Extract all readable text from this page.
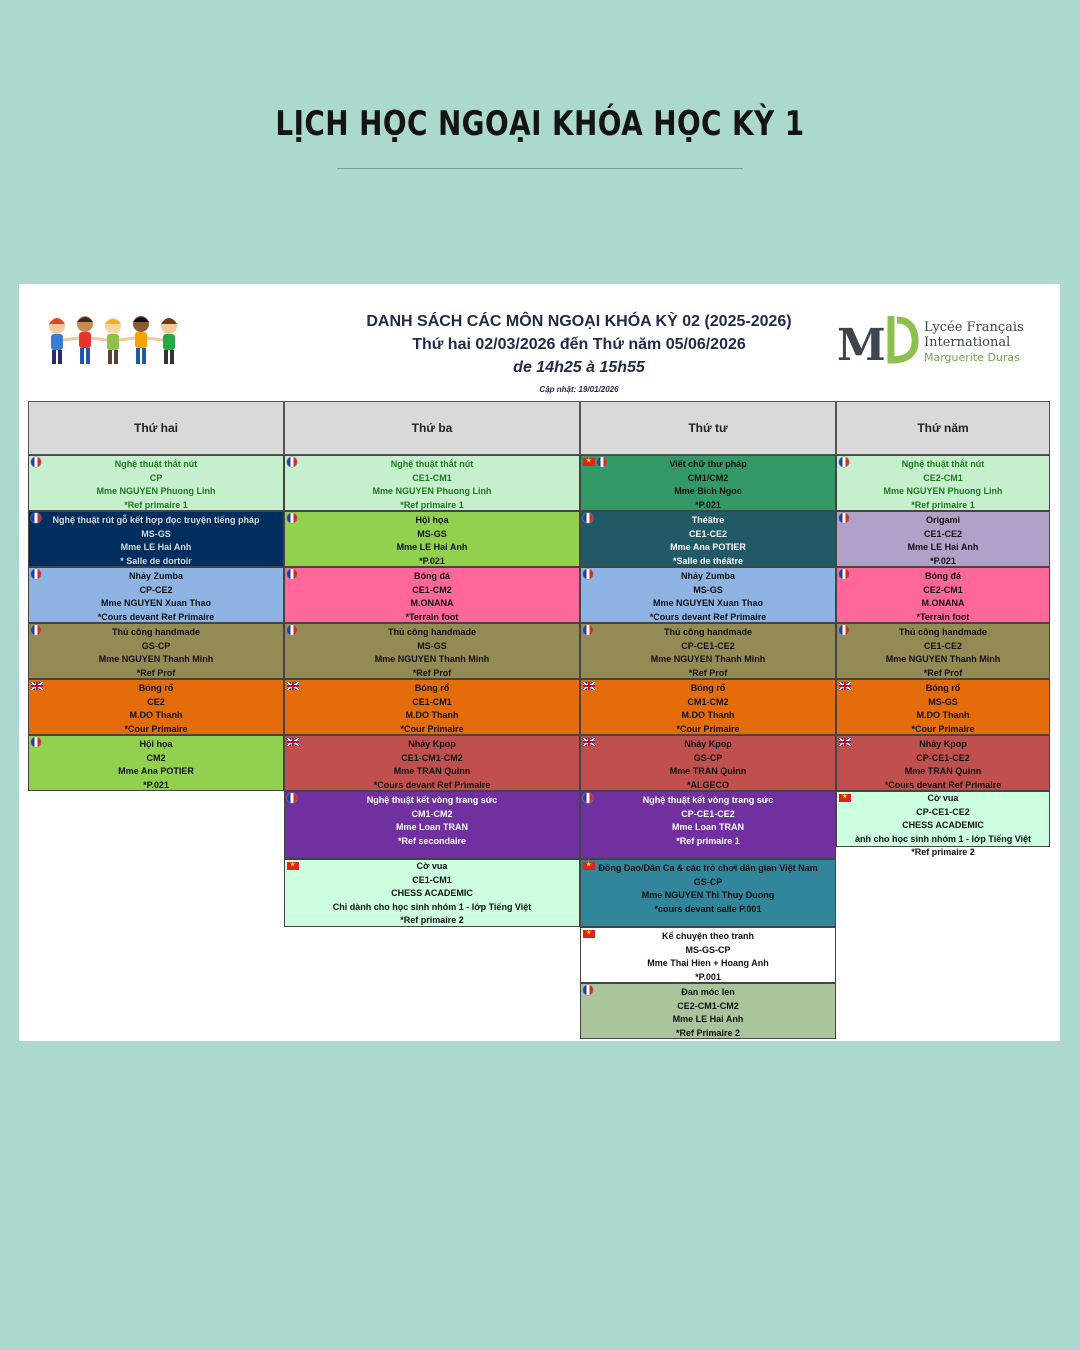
LỊCH HỌC NGOẠI KHÓA HỌC KỲ 1
DANH SÁCH CÁC MÔN NGOẠI KHÓA KỲ 02 (2025-2026)
Thứ hai 02/03/2026 đến Thứ năm 05/06/2026
de 14h25 à 15h55
Cập nhật: 19/01/2026
M	Lycée Français
International
Marguerite Duras
Thứ hai
Nghệ thuật thắt nút
CP
Mme NGUYEN Phuong Linh
*Ref primaire 1
Nghệ thuật rút gỗ kết hợp đọc truyện tiếng pháp
MS-GS
Mme LE Hai Anh
* Salle de dortoir
Nhảy Zumba
CP-CE2
Mme NGUYEN Xuan Thao
*Cours devant Ref Primaire
Thủ công handmade
GS-CP
Mme NGUYEN Thanh Minh
*Ref Prof
Bóng rổ
CE2
M.DO Thanh
*Cour Primaire
Hội họa
CM2
Mme Ana POTIER
*P.021
Thứ ba
Nghệ thuật thắt nút
CE1-CM1
Mme NGUYEN Phuong Linh
*Ref primaire 1
Hội họa
MS-GS
Mme LE Hai Anh
*P.021
Bóng đá
CE1-CM2
M.ONANA
*Terrain foot
Thủ công handmade
MS-GS
Mme NGUYEN Thanh Minh
*Ref Prof
Bóng rổ
CE1-CM1
M.DO Thanh
*Cour Primaire
Nhảy Kpop
CE1-CM1-CM2
Mme TRAN Quinn
*Cours devant Ref Primaire
Nghệ thuật kết vòng trang sức
CM1-CM2
Mme Loan TRAN
*Ref secondaire
★
Cờ vua
CE1-CM1
CHESS ACADEMIC
Chỉ dành cho học sinh nhóm 1 - lớp Tiếng Việt
*Ref primaire 2
Thứ tư
★
Viết chữ thư pháp
CM1/CM2
Mme Bich Ngoc
*P.021
Théâtre
CE1-CE2
Mme Ana POTIER
*Salle de théâtre
Nhảy Zumba
MS-GS
Mme NGUYEN Xuan Thao
*Cours devant Ref Primaire
Thủ công handmade
CP-CE1-CE2
Mme NGUYEN Thanh Minh
*Ref Prof
Bóng rổ
CM1-CM2
M.DO Thanh
*Cour Primaire
Nhảy Kpop
GS-CP
Mme TRAN Quinn
*ALGECO
Nghệ thuật kết vòng trang sức
CP-CE1-CE2
Mme Loan TRAN
*Ref primaire 1
★
Đồng Dao/Dân Ca & các trò chơi dân gian Việt Nam
GS-CP
Mme NGUYEN Thi Thuy Duong
*cours devant salle P.001
★
Kể chuyện theo tranh
MS-GS-CP
Mme Thai Hien + Hoang Anh
*P.001
Đan móc len
CE2-CM1-CM2
Mme LE Hai Anh
*Ref Primaire 2
Thứ năm
Nghệ thuật thắt nút
CE2-CM1
Mme NGUYEN Phuong Linh
*Ref primaire 1
Origami
CE1-CE2
Mme LE Hai Anh
*P.021
Bóng đá
CE2-CM1
M.ONANA
*Terrain foot
Thủ công handmade
CE1-CE2
Mme NGUYEN Thanh Minh
*Ref Prof
Bóng rổ
MS-GS
M.DO Thanh
*Cour Primaire
Nhảy Kpop
CP-CE1-CE2
Mme TRAN Quinn
*Cours devant Ref Primaire
★
Cờ vua
CP-CE1-CE2
CHESS ACADEMIC
ành cho học sinh nhóm 1 - lớp Tiếng Việt
*Ref primaire 2
